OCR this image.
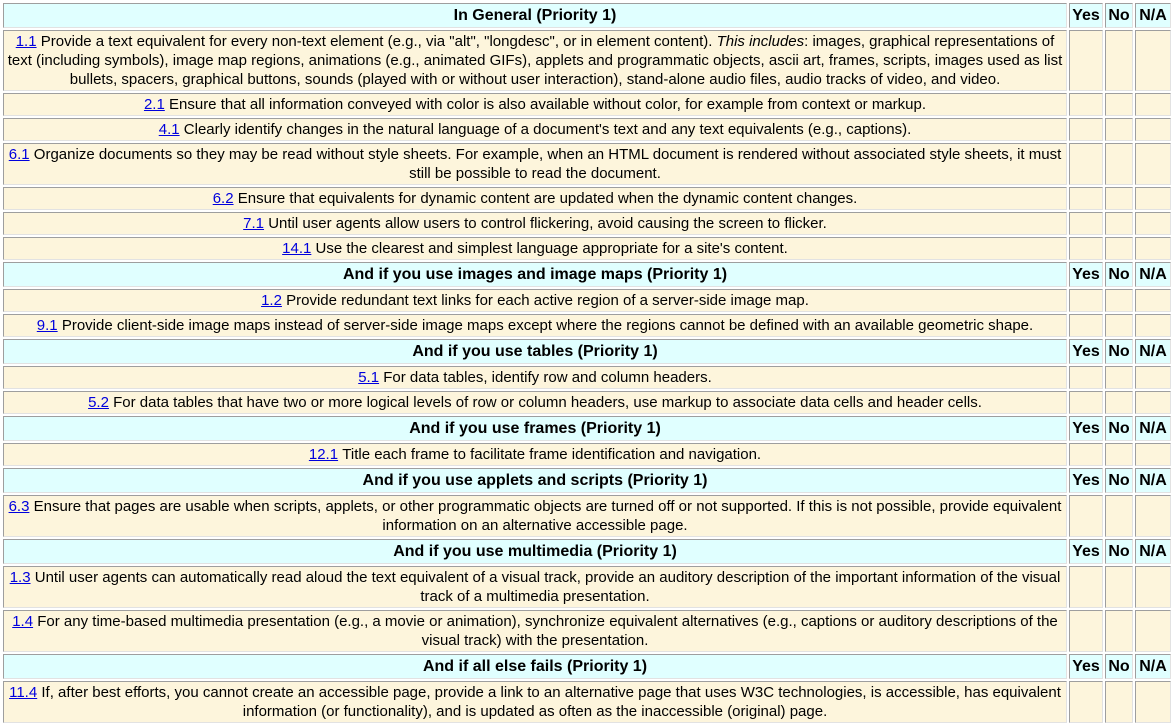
In General (Priority 1)	Yes	No	N/A
1.1 Provide a text equivalent for every non-text element (e.g., via "alt", "longdesc", or in element content). This includes: images, graphical representations of text (including symbols), image map regions, animations (e.g., animated GIFs), applets and programmatic objects, ascii art, frames, scripts, images used as list bullets, spacers, graphical buttons, sounds (played with or without user interaction), stand-alone audio files, audio tracks of video, and video.			
2.1 Ensure that all information conveyed with color is also available without color, for example from context or markup.			
4.1 Clearly identify changes in the natural language of a document's text and any text equivalents (e.g., captions).			
6.1 Organize documents so they may be read without style sheets. For example, when an HTML document is rendered without associated style sheets, it must still be possible to read the document.			
6.2 Ensure that equivalents for dynamic content are updated when the dynamic content changes.			
7.1 Until user agents allow users to control flickering, avoid causing the screen to flicker.			
14.1 Use the clearest and simplest language appropriate for a site's content.			
And if you use images and image maps (Priority 1)	Yes	No	N/A
1.2 Provide redundant text links for each active region of a server-side image map.			
9.1 Provide client-side image maps instead of server-side image maps except where the regions cannot be defined with an available geometric shape.			
And if you use tables (Priority 1)	Yes	No	N/A
5.1 For data tables, identify row and column headers.			
5.2 For data tables that have two or more logical levels of row or column headers, use markup to associate data cells and header cells.			
And if you use frames (Priority 1)	Yes	No	N/A
12.1 Title each frame to facilitate frame identification and navigation.			
And if you use applets and scripts (Priority 1)	Yes	No	N/A
6.3 Ensure that pages are usable when scripts, applets, or other programmatic objects are turned off or not supported. If this is not possible, provide equivalent information on an alternative accessible page.			
And if you use multimedia (Priority 1)	Yes	No	N/A
1.3 Until user agents can automatically read aloud the text equivalent of a visual track, provide an auditory description of the important information of the visual track of a multimedia presentation.			
1.4 For any time-based multimedia presentation (e.g., a movie or animation), synchronize equivalent alternatives (e.g., captions or auditory descriptions of the visual track) with the presentation.			
And if all else fails (Priority 1)	Yes	No	N/A
11.4 If, after best efforts, you cannot create an accessible page, provide a link to an alternative page that uses W3C technologies, is accessible, has equivalent information (or functionality), and is updated as often as the inaccessible (original) page.			
